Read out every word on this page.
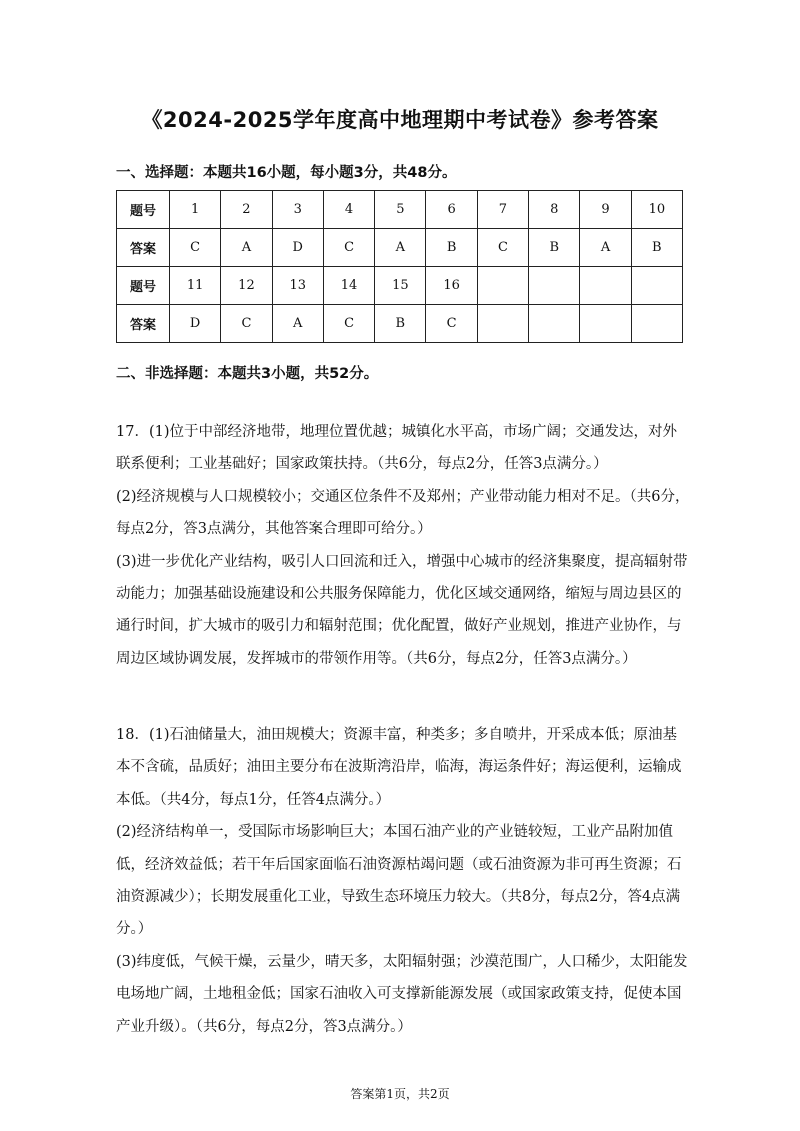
《2024-2025学年度高中地理期中考试卷》参考答案
一、选择题：本题共16小题，每小题3分，共48分。
题号	1	2	3	4	5	6	7	8	9	10
答案	C	A	D	C	A	B	C	B	A	B
题号	11	12	13	14	15	16				
答案	D	C	A	C	B	C				
二、非选择题：本题共3小题，共52分。

17．(1)位于中部经济地带，地理位置优越；城镇化水平高，市场广阔；交通发达，对外联系便利；工业基础好；国家政策扶持。（共6分，每点2分，任答3点满分。）

(2)经济规模与人口规模较小；交通区位条件不及郑州；产业带动能力相对不足。（共6分，每点2分，答3点满分，其他答案合理即可给分。）

(3)进一步优化产业结构，吸引人口回流和迁入，增强中心城市的经济集聚度，提高辐射带动能力；加强基础设施建设和公共服务保障能力，优化区域交通网络，缩短与周边县区的通行时间，扩大城市的吸引力和辐射范围；优化配置，做好产业规划，推进产业协作，与周边区域协调发展，发挥城市的带领作用等。（共6分，每点2分，任答3点满分。）

18．(1)石油储量大，油田规模大；资源丰富，种类多；多自喷井，开采成本低；原油基本不含硫，品质好；油田主要分布在波斯湾沿岸，临海，海运条件好；海运便利，运输成本低。（共4分，每点1分，任答4点满分。）

(2)经济结构单一，受国际市场影响巨大；本国石油产业的产业链较短，工业产品附加值低，经济效益低；若干年后国家面临石油资源枯竭问题（或石油资源为非可再生资源；石油资源减少）；长期发展重化工业，导致生态环境压力较大。（共8分，每点2分，答4点满分。）

(3)纬度低，气候干燥，云量少，晴天多，太阳辐射强；沙漠范围广，人口稀少，太阳能发电场地广阔，土地租金低；国家石油收入可支撑新能源发展（或国家政策支持，促使本国产业升级）。（共6分，每点2分，答3点满分。）

答案第1页，共2页
